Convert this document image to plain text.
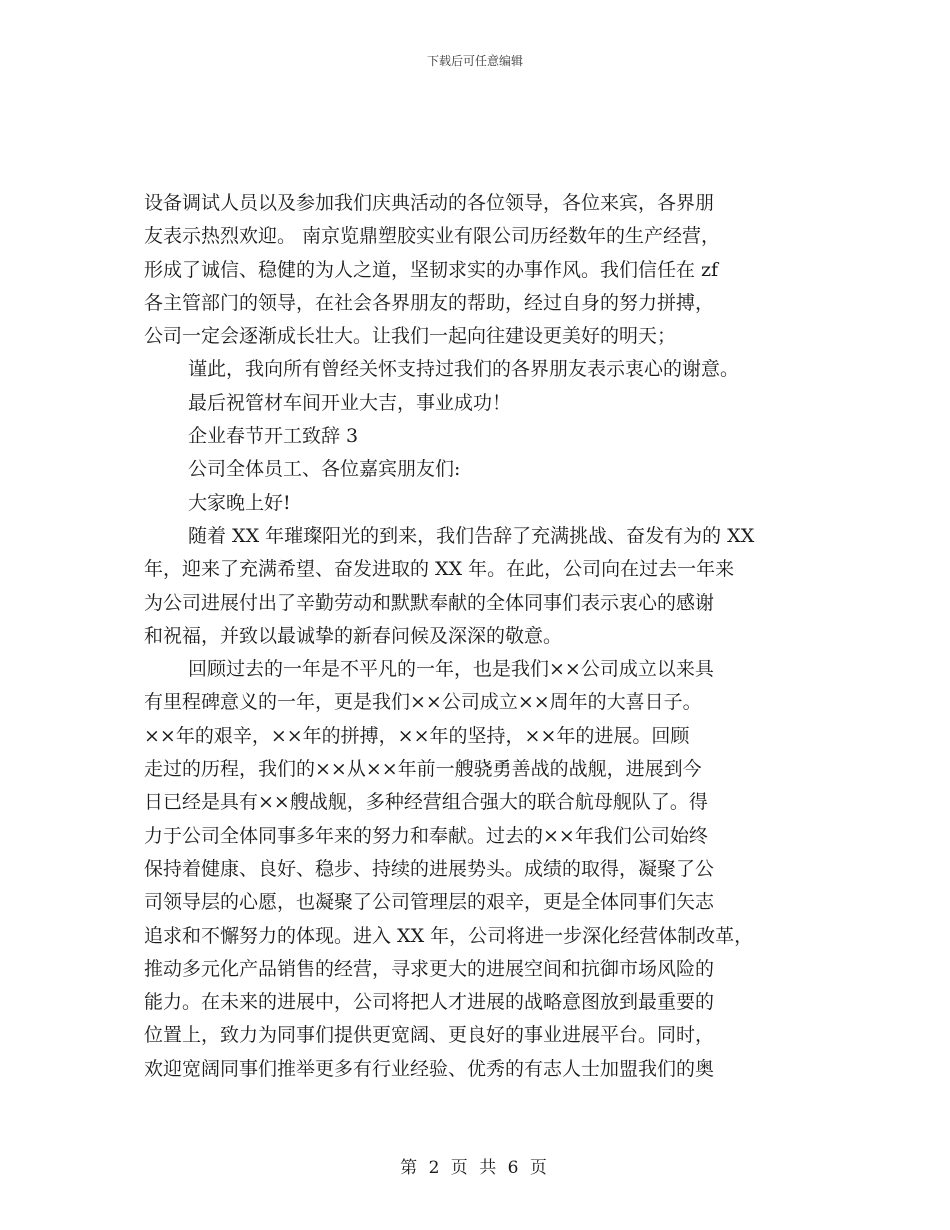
下载后可任意编辑

设备调试人员以及参加我们庆典活动的各位领导，各位来宾，各界朋

友表示热烈欢迎。 南京览鼎塑胶实业有限公司历经数年的生产经营，

形成了诚信、稳健的为人之道，坚韧求实的办事作风。我们信任在 zf

各主管部门的领导，在社会各界朋友的帮助，经过自身的努力拼搏，

公司一定会逐渐成长壮大。让我们一起向往建设更美好的明天；

谨此，我向所有曾经关怀支持过我们的各界朋友表示衷心的谢意。

最后祝管材车间开业大吉，事业成功！

企业春节开工致辞 3

公司全体员工、各位嘉宾朋友们:

大家晚上好!

随着 XX 年璀璨阳光的到来，我们告辞了充满挑战、奋发有为的 XX

年，迎来了充满希望、奋发进取的 XX 年。在此，公司向在过去一年来

为公司进展付出了辛勤劳动和默默奉献的全体同事们表示衷心的感谢

和祝福，并致以最诚挚的新春问候及深深的敬意。

回顾过去的一年是不平凡的一年，也是我们××公司成立以来具

有里程碑意义的一年，更是我们××公司成立××周年的大喜日子。

××年的艰辛，××年的拼搏，××年的坚持，××年的进展。回顾

走过的历程，我们的××从××年前一艘骁勇善战的战舰，进展到今

日已经是具有××艘战舰，多种经营组合强大的联合航母舰队了。得

力于公司全体同事多年来的努力和奉献。过去的××年我们公司始终

保持着健康、良好、稳步、持续的进展势头。成绩的取得，凝聚了公

司领导层的心愿，也凝聚了公司管理层的艰辛，更是全体同事们矢志

追求和不懈努力的体现。进入 XX 年，公司将进一步深化经营体制改革，

推动多元化产品销售的经营，寻求更大的进展空间和抗御市场风险的

能力。在未来的进展中，公司将把人才进展的战略意图放到最重要的

位置上，致力为同事们提供更宽阔、更良好的事业进展平台。同时，

欢迎宽阔同事们推举更多有行业经验、优秀的有志人士加盟我们的奥

第 2 页 共 6 页
